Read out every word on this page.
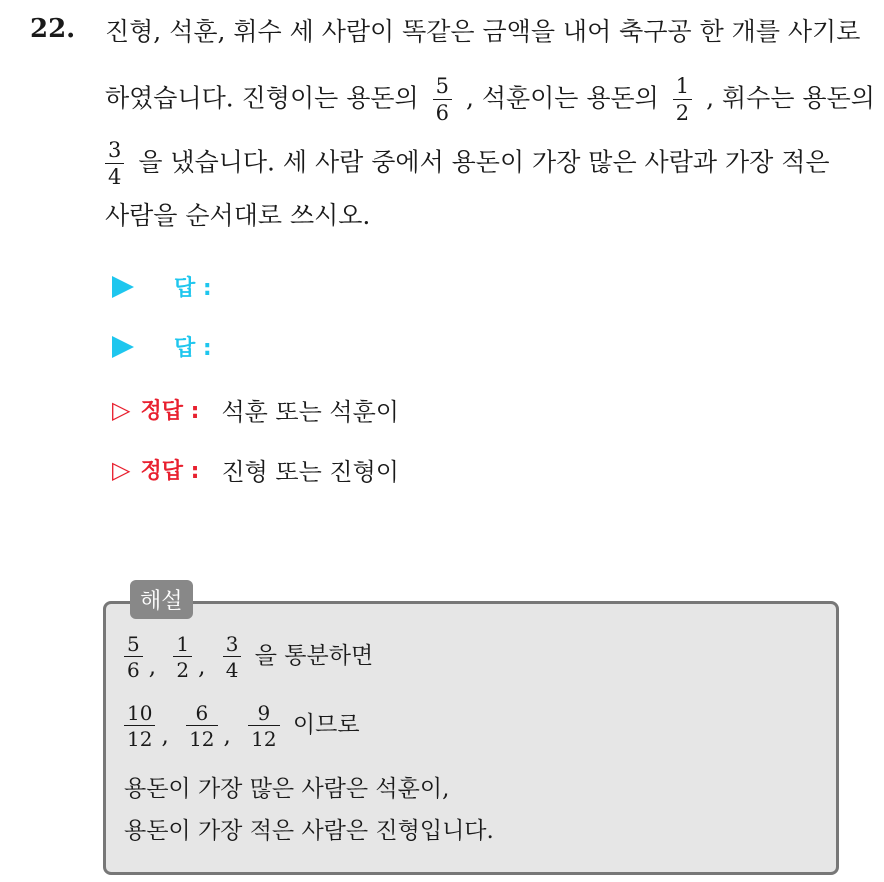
22. 진형, 석훈, 휘수 세 사람이 똑같은 금액을 내어 축구공 한 개를 사기로
하였습니다. 진형이는 용돈의 $\frac{5}{6}$ , 석훈이는 용돈의 $\frac{1}{2}$ , 휘수는 용돈의
$\frac{3}{4}$ 을 냈습니다. 세 사람 중에서 용돈이 가장 많은 사람과 가장 적은
사람을 순서대로 쓰시오.
답 :
답 :
▷ 정답 : 석훈 또는 석훈이
▷ 정답 : 진형 또는 진형이
해설
$\frac{5}{6}$ , $\frac{1}{2}$ , $\frac{3}{4}$ 을 통분하면
$\frac{10}{12}$ , $\frac{6}{12}$ , $\frac{9}{12}$ 이므로
용돈이 가장 많은 사람은 석훈이,
용돈이 가장 적은 사람은 진형입니다.
